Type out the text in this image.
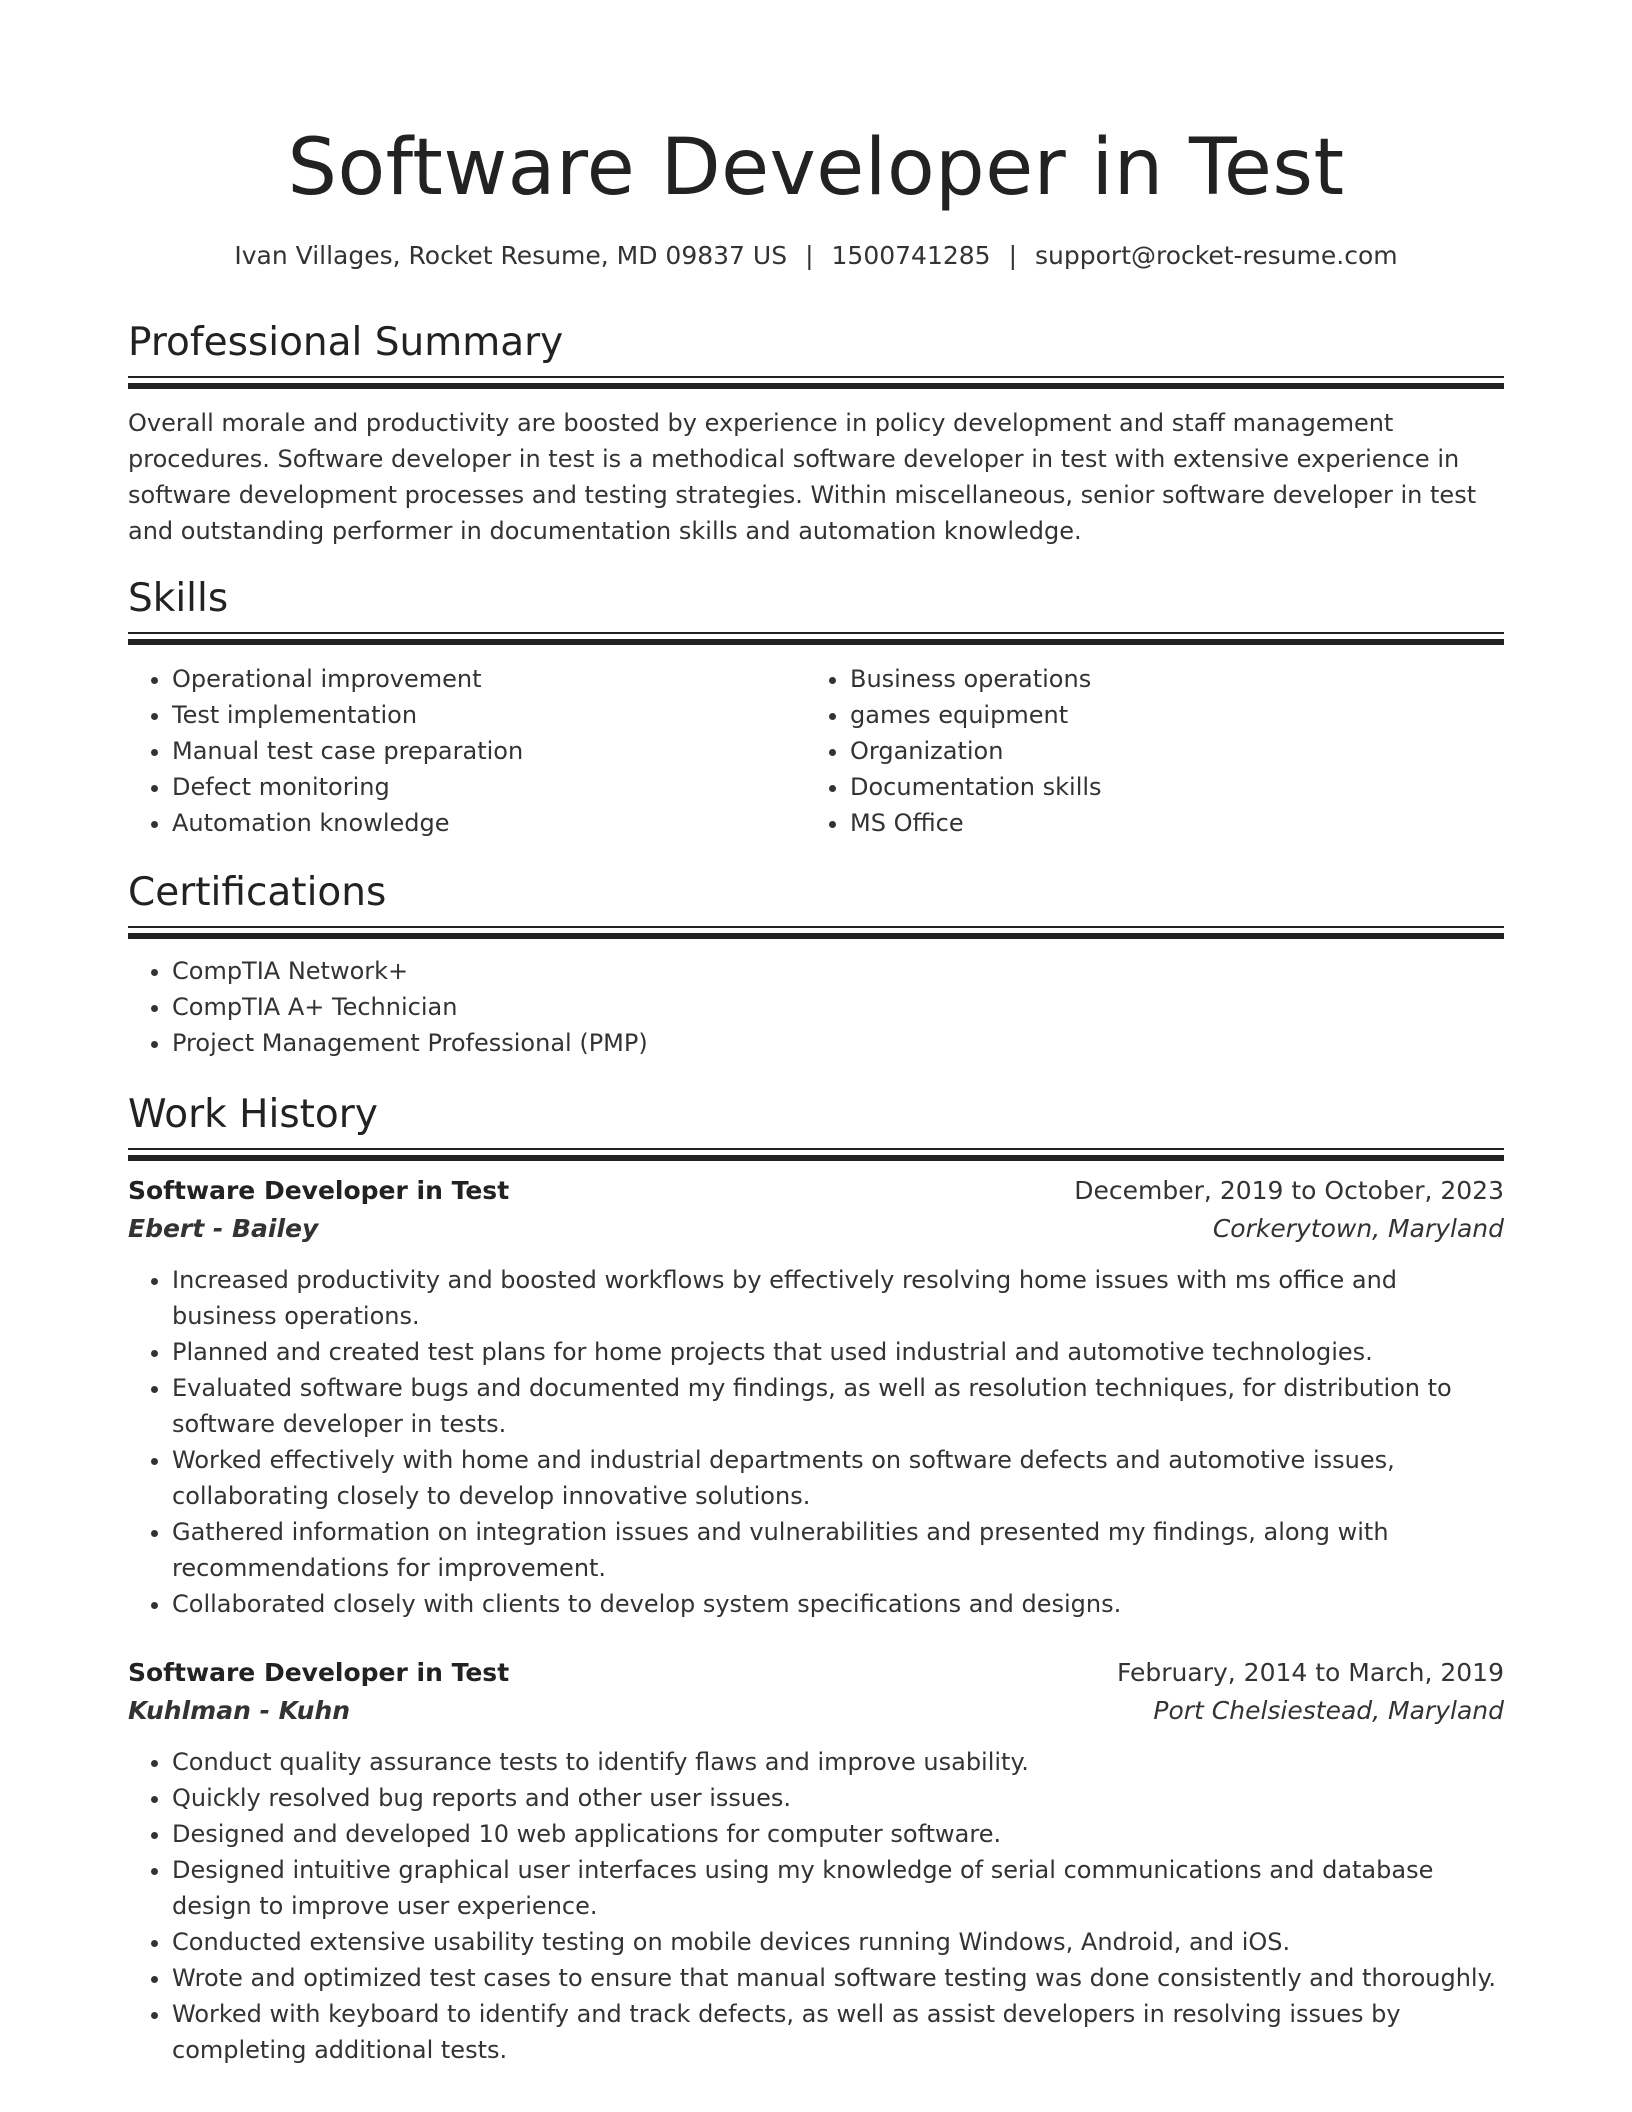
Software Developer in Test
Ivan Villages, Rocket Resume, MD 09837 US | 1500741285 | support@rocket-resume.com
Professional Summary

Overall morale and productivity are boosted by experience in policy development and staff management procedures. Software developer in test is a methodical software developer in test with extensive experience in software development processes and testing strategies. Within miscellaneous, senior software developer in test and outstanding performer in documentation skills and automation knowledge.

Skills
• Operational improvement
• Test implementation
• Manual test case preparation
• Defect monitoring
• Automation knowledge
• Business operations
• games equipment
• Organization
• Documentation skills
• MS Office
Certifications
• CompTIA Network+
• CompTIA A+ Technician
• Project Management Professional (PMP)
Work History
Software Developer in Test	December, 2019 to October, 2023
Ebert - Bailey	Corkerytown, Maryland
• Increased productivity and boosted workflows by effectively resolving home issues with ms office and business operations.
• Planned and created test plans for home projects that used industrial and automotive technologies.
• Evaluated software bugs and documented my findings, as well as resolution techniques, for distribution to software developer in tests.
• Worked effectively with home and industrial departments on software defects and automotive issues, collaborating closely to develop innovative solutions.
• Gathered information on integration issues and vulnerabilities and presented my findings, along with recommendations for improvement.
• Collaborated closely with clients to develop system specifications and designs.
Software Developer in Test	February, 2014 to March, 2019
Kuhlman - Kuhn	Port Chelsiestead, Maryland
• Conduct quality assurance tests to identify flaws and improve usability.
• Quickly resolved bug reports and other user issues.
• Designed and developed 10 web applications for computer software.
• Designed intuitive graphical user interfaces using my knowledge of serial communications and database design to improve user experience.
• Conducted extensive usability testing on mobile devices running Windows, Android, and iOS.
• Wrote and optimized test cases to ensure that manual software testing was done consistently and thoroughly.
• Worked with keyboard to identify and track defects, as well as assist developers in resolving issues by completing additional tests.
